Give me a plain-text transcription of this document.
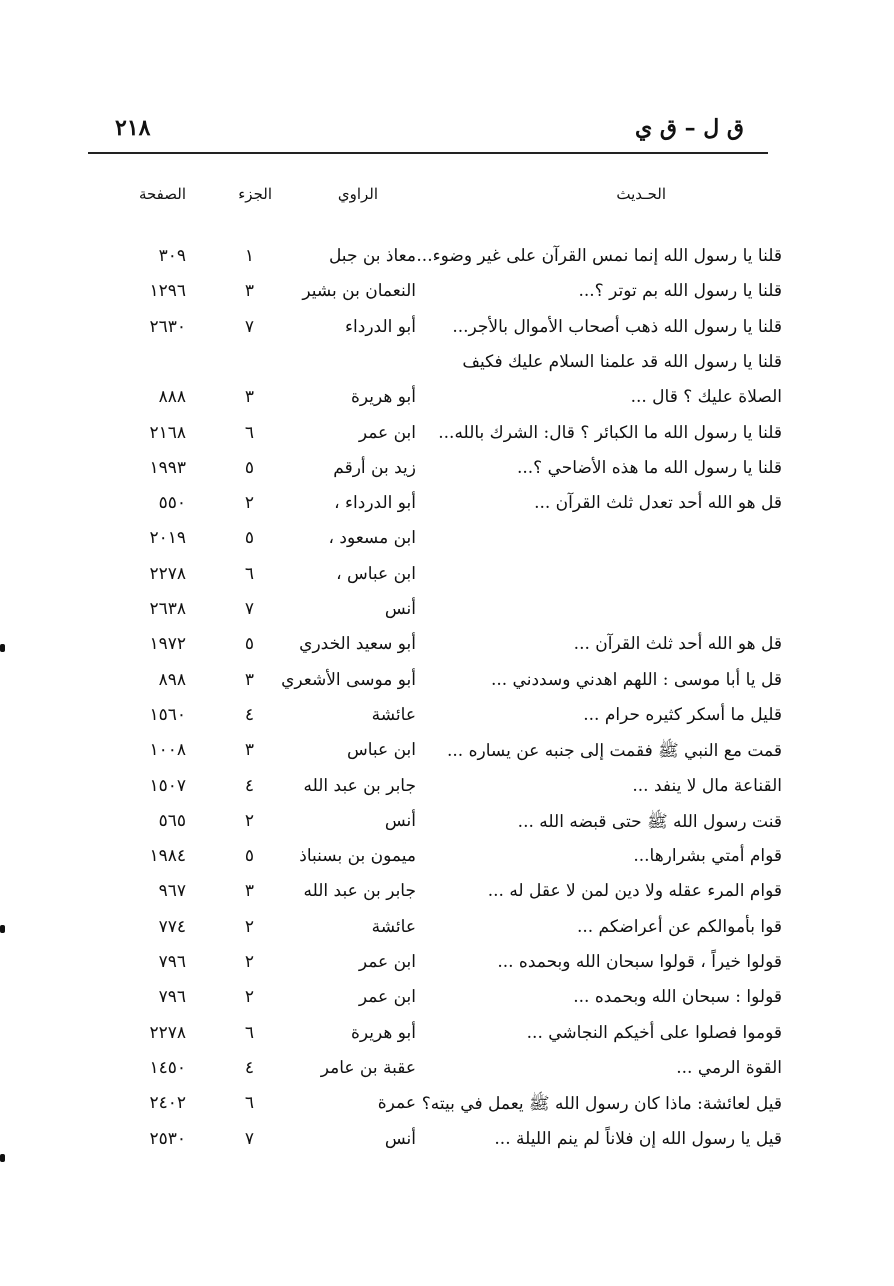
ق ل – ق ي
٢١٨
الحـديث
الراوي
الجزء
الصفحة
قلنا يا رسول الله إنما نمس القرآن على غير وضوء...
معاذ بن جبل
١
٣٠٩
قلنا يا رسول الله بم توتر ؟...
النعمان بن بشير
٣
١٢٩٦
قلنا يا رسول الله ذهب أصحاب الأموال بالأجر...
أبو الدرداء
٧
٢٦٣٠
قلنا يا رسول الله قد علمنا السلام عليك فكيف
الصلاة عليك ؟ قال ...
أبو هريرة
٣
٨٨٨
قلنا يا رسول الله ما الكبائر ؟ قال: الشرك بالله...
ابن عمر
٦
٢١٦٨
قلنا يا رسول الله ما هذه الأضاحي ؟...
زيد بن أرقم
٥
١٩٩٣
قل هو الله أحد تعدل ثلث القرآن ...
أبو الدرداء ،
٢
٥٥٠
ابن مسعود ،
٥
٢٠١٩
ابن عباس ،
٦
٢٢٧٨
أنس
٧
٢٦٣٨
قل هو الله أحد ثلث القرآن ...
أبو سعيد الخدري
٥
١٩٧٢
قل يا أبا موسى : اللهم اهدني وسددني ...
أبو موسى الأشعري
٣
٨٩٨
قليل ما أسكر كثيره حرام ...
عائشة
٤
١٥٦٠
قمت مع النبي ﷺ فقمت إلى جنبه عن يساره ...
ابن عباس
٣
١٠٠٨
القناعة مال لا ينفد ...
جابر بن عبد الله
٤
١٥٠٧
قنت رسول الله ﷺ حتى قبضه الله ...
أنس
٢
٥٦٥
قوام أمتي بشرارها...
ميمون بن بسنباذ
٥
١٩٨٤
قوام المرء عقله ولا دين لمن لا عقل له ...
جابر بن عبد الله
٣
٩٦٧
قوا بأموالكم عن أعراضكم ...
عائشة
٢
٧٧٤
قولوا خيراً ، قولوا سبحان الله وبحمده ...
ابن عمر
٢
٧٩٦
قولوا : سبحان الله وبحمده ...
ابن عمر
٢
٧٩٦
قوموا فصلوا على أخيكم النجاشي ...
أبو هريرة
٦
٢٢٧٨
القوة الرمي ...
عقبة بن عامر
٤
١٤٥٠
قيل لعائشة: ماذا كان رسول الله ﷺ يعمل في بيته؟
عمرة
٦
٢٤٠٢
قيل يا رسول الله إن فلاناً لم ينم الليلة ...
أنس
٧
٢٥٣٠
